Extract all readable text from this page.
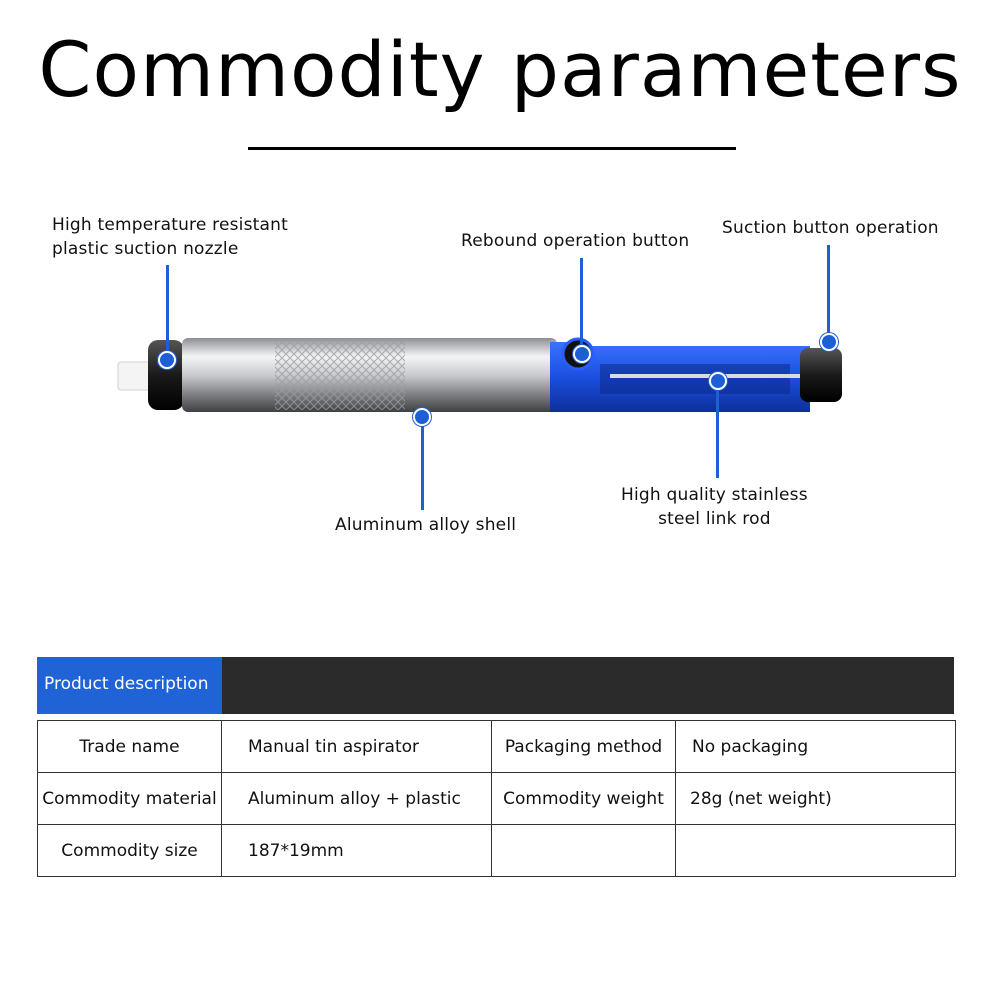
Commodity parameters
High temperature resistant
plastic suction nozzle	Rebound operation button
Suction button operation
Aluminum alloy shell
High quality stainless
steel link rod
Product description
Trade name	Manual tin aspirator	Packaging method	No packaging
Commodity material	Aluminum alloy + plastic	Commodity weight	28g (net weight)
Commodity size	187*19mm		
